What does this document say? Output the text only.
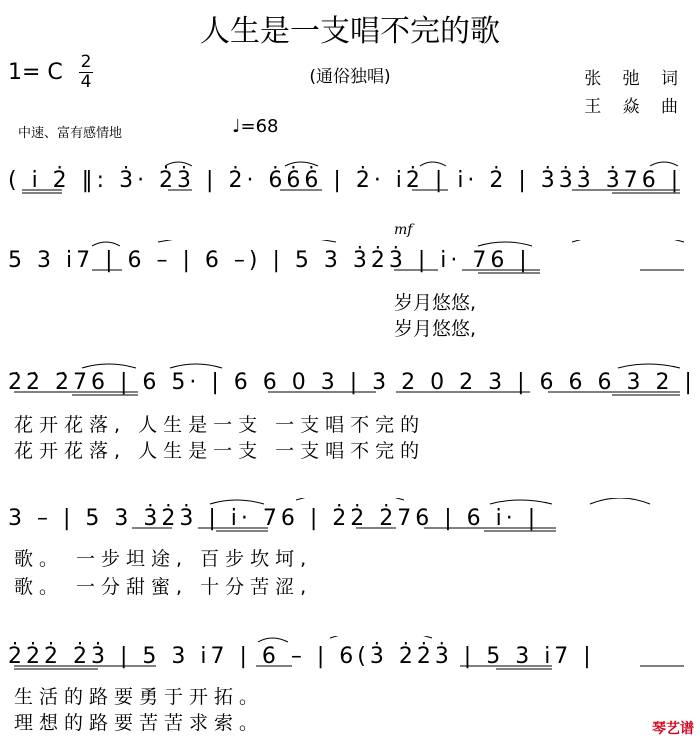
人生是一支唱不完的歌
(通俗独唱)
1= C 2
4	张 弛 词
王 焱 曲
中速、富有感情地	♩=68
( i̇ 2̇ ‖: 3̇· 2̇3̇ | 2̇· 6̇6̇6̇ | 2̇· i̇2̇ | i̇· 2̇ | 3̇3̇3̇ 3̇76 |
mf
5 3 i̇7 | 6 – | 6 –) | 5 3 3̇2̇3̇ | i̇· 76 |
岁月悠悠,
岁月悠悠,
2̇2̇ 2̇76 | 6 5· | 6 6 0 3 | 3 2 0 2 3 | 6 6 6 3 2 |
花开花落, 人生是一支 一支唱不完的
花开花落, 人生是一支 一支唱不完的
3 – | 5 3 3̇2̇3̇ | i̇· 76 | 2̇2̇ 2̇76 | 6 i̇· |
歌。 一步坦途, 百步坎坷,
歌。 一分甜蜜, 十分苦涩,
2̇2̇2̇ 2̇3̇ | 5 3 i̇7 | 6 – | 6(3̇ 2̇2̇3̇ | 5 3 i̇7 |
生活的路要勇于开拓。
理想的路要苦苦求索。	琴艺谱
